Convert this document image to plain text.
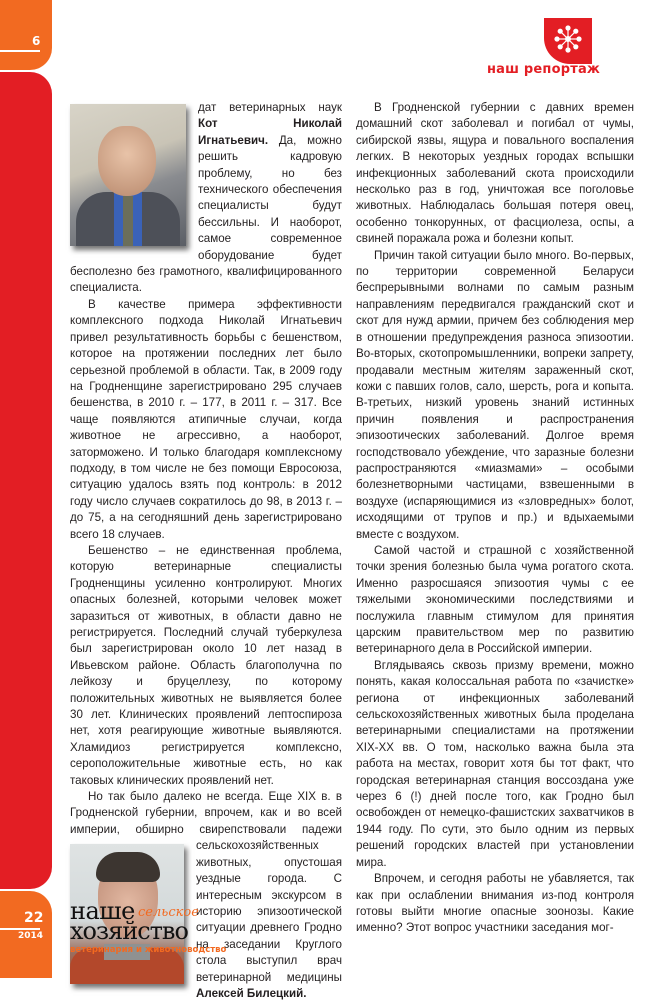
6
22
2014
наш репортаж

дат ветеринарных наук Кот Николай Игнатьевич. Да, можно решить кадровую проблему, но без технического обеспечения специалисты будут бессильны. И наоборот, самое современное оборудование будет бесполезно без грамотного, квалифицированного специалиста.

В качестве примера эффективности комплексного подхода Николай Игнатьевич привел результативность борьбы с бешенством, которое на протяжении последних лет было серьезной проблемой в области. Так, в 2009 году на Гродненщине зарегистрировано 295 случаев бешенства, в 2010 г. – 177, в 2011 г. – 317. Все чаще появляются атипичные случаи, когда животное не агрессивно, а наоборот, заторможено. И только благодаря комплексному подходу, в том числе не без помощи Евросоюза, ситуацию удалось взять под контроль: в 2012 году число случаев сократилось до 98, в 2013 г. – до 75, а на сегодняшний день зарегистрировано всего 18 случаев.

Бешенство – не единственная проблема, которую ветеринарные специалисты Гродненщины усиленно контролируют. Многих опасных болезней, которыми человек может заразиться от животных, в области давно не регистрируется. Последний случай туберкулеза был зарегистрирован около 10 лет назад в Ивьевском районе. Область благополучна по лейкозу и бруцеллезу, по которому положительных животных не выявляется более 30 лет. Клинических проявлений лептоспироза нет, хотя реагирующие животные выявляются. Хламидиоз регистрируется комплексно, сероположительные животные есть, но как таковых клинических проявлений нет.

Но так было далеко не всегда. Еще XIX в. в Гродненской губернии, впрочем, как и во всей империи, обширно свирепствовали падежи сельскохо
зяйственных животных, опустошая уездные города. С интересным экскурсом в историю эпизоотической ситуации древнего Гродно на заседании Круглого стола выступил врач ветеринарной медицины Алексей Билецкий.

В Гродненской губернии с давних времен домашний скот заболевал и погибал от чумы, сибирской язвы, ящура и повального воспаления легких. В некоторых уездных городах вспышки инфекционных заболеваний скота происходили несколько раз в год, уничтожая все поголовье животных. Наблюдалась большая потеря овец, особенно тонкорунных, от фасциолеза, оспы, а свиней поражала рожа и болезни копыт.

Причин такой ситуации было много. Во-первых, по территории современной Беларуси беспрерывными волнами по самым разным направлениям передвигался гражданский скот и скот для нужд армии, причем без соблюдения мер в отношении предупреждения разноса эпизоотии. Во-вторых, скотопромышленники, вопреки запрету, продавали местным жителям зараженный скот, кожи с павших голов, сало, шерсть, рога и копыта. В-третьих, низкий уровень знаний истинных причин появления и распространения эпизоотических заболеваний. Долгое время господствовало убеждение, что заразные болезни распространяются «миазмами» – особыми болезнетворными частицами, взвешенными в воздухе (испаряющимися из «зловредных» болот, исходящими от трупов и пр.) и вдыхаемыми вместе с воздухом.

Самой частой и страшной с хозяйственной точки зрения болезнью была чума рогатого скота. Именно разросшаяся эпизоотия чумы с ее тяжелыми экономическими последствиями и послужила главным стимулом для принятия царским правительством мер по развитию ветеринарного дела в Российской империи.

Вглядываясь сквозь призму времени, можно понять, какая колоссальная работа по «зачистке» региона от инфекционных заболеваний сельскохозяйственных животных была проделана ветеринарными специалистами на протяжении XIX-XX вв. О том, насколько важна была эта работа на местах, говорит хотя бы тот факт, что городская ветеринарная станция воссоздана уже через 6 (!) дней после того, как Гродно был освобожден от немецко-фашистских захватчиков в 1944 году. По сути, это было одним из первых решений городских властей при установлении мира.

Впрочем, и сегодня работы не убавляется, так как при ослаблении внимания из-под контроля готовы выйти многие опасные зоонозы. Какие именно? Этот вопрос участники заседания мог-

наше сельское
хозяйство
ветеринария и животноводство
